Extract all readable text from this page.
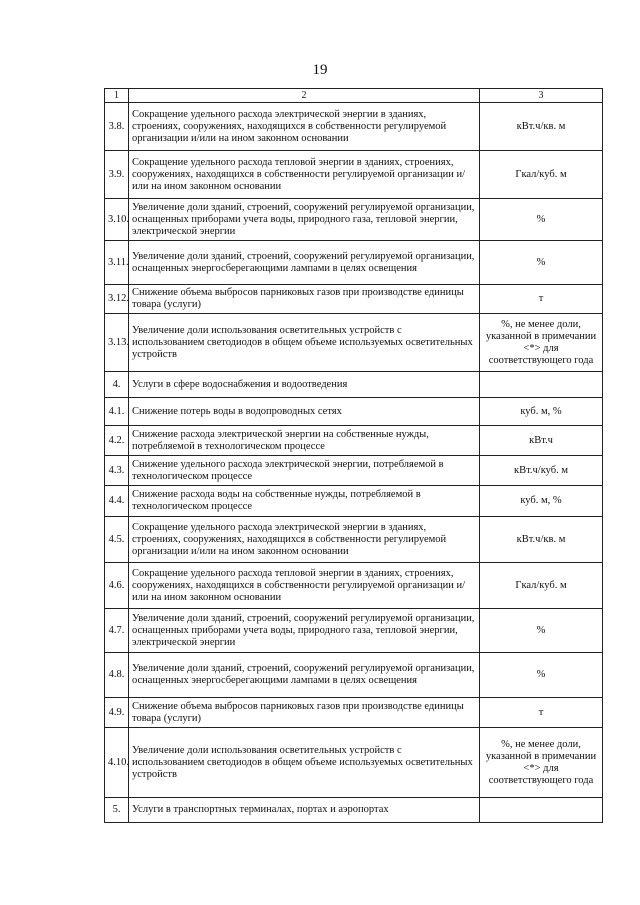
19
1	2	3
3.8.	Сокращение удельного расхода электрической энергии в зданиях, строениях, сооружениях, находящихся в собственности регулируемой организации и/или на ином законном основании	кВт.ч/кв. м
3.9.	Сокращение удельного расхода тепловой энергии в зданиях, строениях, сооружениях, находящихся в собственности регулируемой организации и/или на ином законном основании	Гкал/куб. м
3.10.	Увеличение доли зданий, строений, сооружений регулируемой организации, оснащенных приборами учета воды, природного газа, тепловой энергии, электрической энергии	%
3.11.	Увеличение доли зданий, строений, сооружений регулируемой организации, оснащенных энергосберегающими лампами в целях освещения	%
3.12.	Снижение объема выбросов парниковых газов при производстве единицы товара (услуги)	т
3.13.	Увеличение доли использования осветительных устройств с использованием светодиодов в общем объеме используемых осветительных устройств	%, не менее доли, указанной в примечании <*> для соответствующего года
4.	Услуги в сфере водоснабжения и водоотведения	
4.1.	Снижение потерь воды в водопроводных сетях	куб. м, %
4.2.	Снижение расхода электрической энергии на собственные нужды, потребляемой в технологическом процессе	кВт.ч
4.3.	Снижение удельного расхода электрической энергии, потребляемой в технологическом процессе	кВт.ч/куб. м
4.4.	Снижение расхода воды на собственные нужды, потребляемой в технологическом процессе	куб. м, %
4.5.	Сокращение удельного расхода электрической энергии в зданиях, строениях, сооружениях, находящихся в собственности регулируемой организации и/или на ином законном основании	кВт.ч/кв. м
4.6.	Сокращение удельного расхода тепловой энергии в зданиях, строениях, сооружениях, находящихся в собственности регулируемой организации и/или на ином законном основании	Гкал/куб. м
4.7.	Увеличение доли зданий, строений, сооружений регулируемой организации, оснащенных приборами учета воды, природного газа, тепловой энергии, электрической энергии	%
4.8.	Увеличение доли зданий, строений, сооружений регулируемой организации, оснащенных энергосберегающими лампами в целях освещения	%
4.9.	Снижение объема выбросов парниковых газов при производстве единицы товара (услуги)	т
4.10.	Увеличение доли использования осветительных устройств с использованием светодиодов в общем объеме используемых осветительных устройств	%, не менее доли, указанной в примечании <*> для соответствующего года
5.	Услуги в транспортных терминалах, портах и аэропортах	
